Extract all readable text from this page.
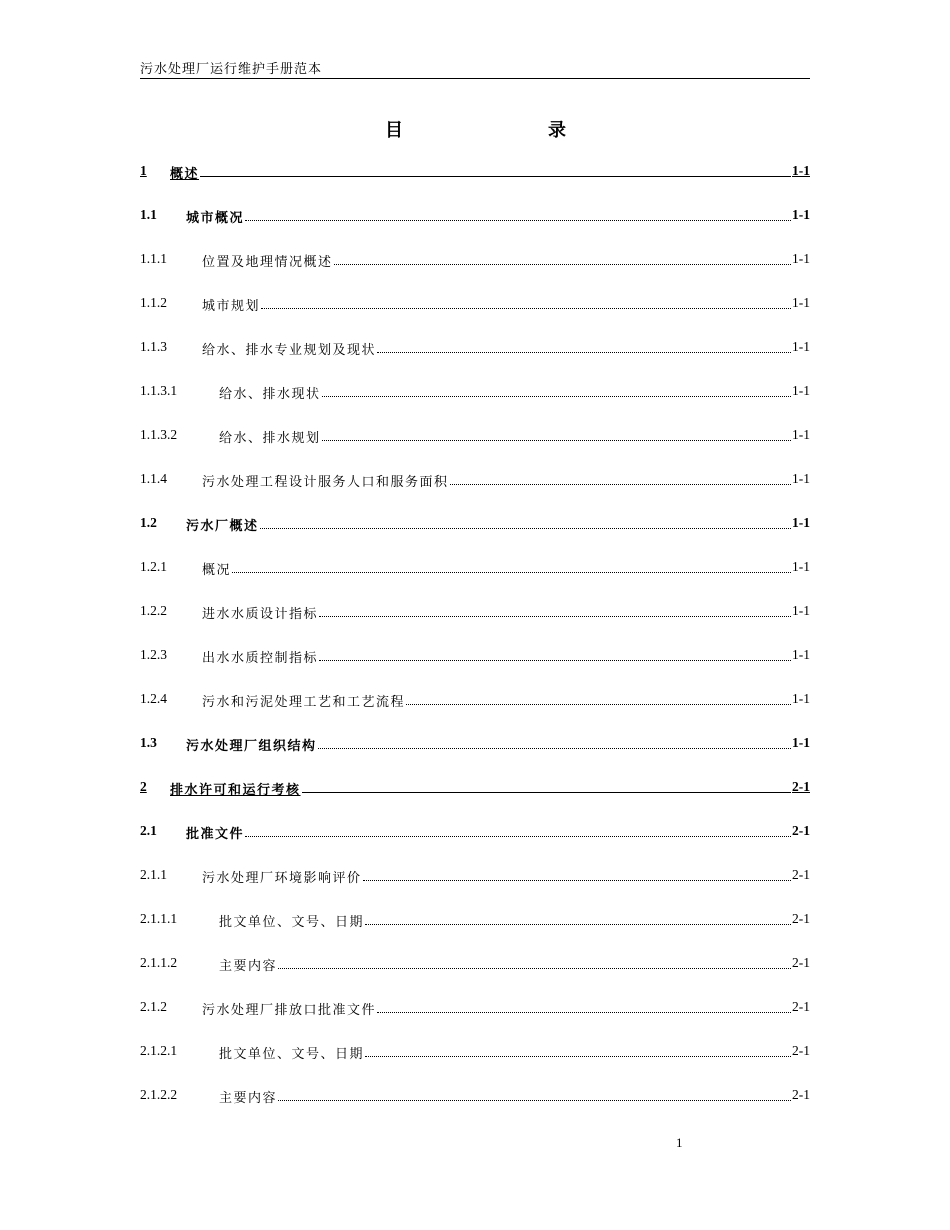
污水处理厂运行维护手册范本
目	录
1	概述	1-1
1.1	城市概况	1-1
1.1.1	位置及地理情况概述	1-1
1.1.2	城市规划	1-1
1.1.3	给水、排水专业规划及现状	1-1
1.1.3.1	给水、排水现状	1-1
1.1.3.2	给水、排水规划	1-1
1.1.4	污水处理工程设计服务人口和服务面积	1-1
1.2	污水厂概述	1-1
1.2.1	概况	1-1
1.2.2	进水水质设计指标	1-1
1.2.3	出水水质控制指标	1-1
1.2.4	污水和污泥处理工艺和工艺流程	1-1
1.3	污水处理厂组织结构	1-1
2	排水许可和运行考核	2-1
2.1	批准文件	2-1
2.1.1	污水处理厂环境影响评价	2-1
2.1.1.1	批文单位、文号、日期	2-1
2.1.1.2	主要内容	2-1
2.1.2	污水处理厂排放口批准文件	2-1
2.1.2.1	批文单位、文号、日期	2-1
2.1.2.2	主要内容	2-1
1
